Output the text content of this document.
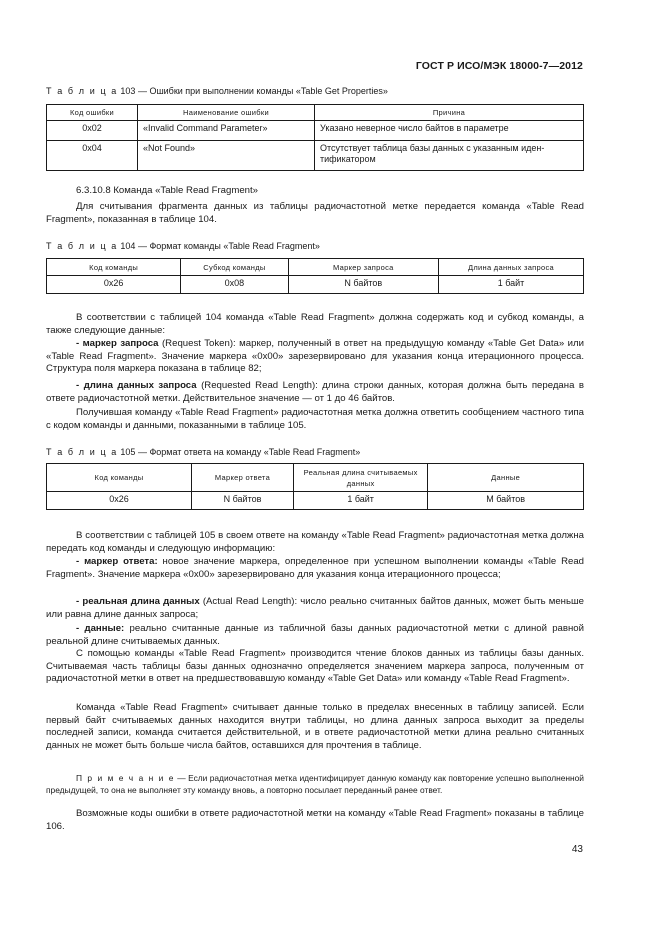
ГОСТ Р ИСО/МЭК 18000-7—2012
Т а б л и ц а 103 — Ошибки при выполнении команды «Table Get Properties»
Код ошибки	Наименование ошибки	Причина
0x02	«Invalid Command Parameter»	Указано неверное число байтов в параметре
0x04	«Not Found»	Отсутствует таблица базы данных с указанным иден-тификатором
6.3.10.8 Команда «Table Read Fragment»
Для считывания фрагмента данных из таблицы радиочастотной метке передается команда «Table Read Fragment», показанная в таблице 104.
Т а б л и ц а 104 — Формат команды «Table Read Fragment»
Код команды	Субкод команды	Маркер запроса	Длина данных запроса
0x26	0x08	N байтов	1 байт
В соответствии с таблицей 104 команда «Table Read Fragment» должна содержать код и субкод команды, а также следующие данные:
- маркер запроса (Request Token): маркер, полученный в ответ на предыдущую команду «Table Get Data» или «Table Read Fragment». Значение маркера «0x00» зарезервировано для указания конца итерационного процесса. Структура поля маркера показана в таблице 82;
- длина данных запроса (Requested Read Length): длина строки данных, которая должна быть передана в ответе радиочастотной метки. Действительное значение — от 1 до 46 байтов.
Получившая команду «Table Read Fragment» радиочастотная метка должна ответить сообщением частного типа с кодом команды и данными, показанными в таблице 105.
Т а б л и ц а 105 — Формат ответа на команду «Table Read Fragment»
Код команды	Маркер ответа	Реальная длина считываемых данных	Данные
0x26	N байтов	1 байт	M байтов
В соответствии с таблицей 105 в своем ответе на команду «Table Read Fragment» радиочастотная метка должна передать код команды и следующую информацию:
- маркер ответа: новое значение маркера, определенное при успешном выполнении команды «Table Read Fragment». Значение маркера «0x00» зарезервировано для указания конца итерационного процесса;
- реальная длина данных (Actual Read Length): число реально считанных байтов данных, может быть меньше или равна длине данных запроса;
- данные: реально считанные данные из табличной базы данных радиочастотной метки с длиной равной реальной длине считываемых данных.
С помощью команды «Table Read Fragment» производится чтение блоков данных из таблицы базы данных. Считываемая часть таблицы базы данных однозначно определяется значением маркера запроса, полученным от радиочастотной метки в ответ на предшествовавшую команду «Table Get Data» или команду «Table Read Fragment».
Команда «Table Read Fragment» считывает данные только в пределах внесенных в таблицу записей. Если первый байт считываемых данных находится внутри таблицы, но длина данных запроса выходит за пределы последней записи, команда считается действительной, и в ответе радиочастотной метки длина реально считанных данных не может быть больше числа байтов, оставшихся для прочтения в таблице.
П р и м е ч а н и е — Если радиочастотная метка идентифицирует данную команду как повторение успешно выполненной предыдущей, то она не выполняет эту команду вновь, а повторно посылает переданный ранее ответ.
Возможные коды ошибки в ответе радиочастотной метки на команду «Table Read Fragment» показаны в таблице 106.
43
